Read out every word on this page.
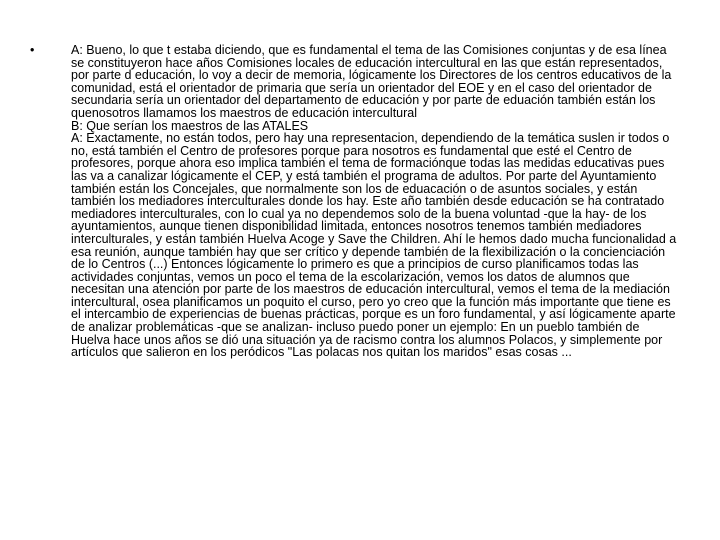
•	A: Bueno, lo que t estaba diciendo, que es fundamental el tema de las Comisiones conjuntas y de esa línea se constituyeron hace años Comisiones locales de educación intercultural en las que están representados, por parte d educación, lo voy a decir de memoria, lógicamente los Directores de los centros educativos de la comunidad, está el orientador de primaria que sería un orientador del EOE y en el caso del orientador de secundaria sería un orientador del departamento de educación y por parte de eduación también están los quenosotros llamamos los maestros de educación intercultural

B: Que serían los maestros de las ATALES

A: Exactamente, no están todos, pero hay una representacion, dependiendo de la temática suslen ir todos o no, está también el Centro de profesores porque para nosotros es fundamental que esté el Centro de profesores, porque ahora eso implica también el tema de formaciónque todas las medidas educativas pues las va a canalizar lógicamente el CEP, y está también el programa de adultos. Por parte del Ayuntamiento también están los Concejales, que normalmente son los de eduacación o de asuntos sociales, y están también los mediadores interculturales donde los hay. Este año también desde educación se ha contratado mediadores interculturales, con lo cual ya no dependemos solo de la buena voluntad -que la hay- de los ayuntamientos, aunque tienen disponibilidad limitada, entonces nosotros tenemos también mediadores interculturales, y están también Huelva Acoge y Save the Children. Ahí le hemos dado mucha funcionalidad a esa reunión, aunque también hay que ser crítico y depende también de la flexibilización o la concienciación de lo Centros (...) Entonces lógicamente lo primero es que a principios de curso planificamos todas las actividades conjuntas, vemos un poco el tema de la escolarización, vemos los datos de alumnos que necesitan una atención por parte de los maestros de educación intercultural, vemos el tema de la mediación intercultural, osea planificamos un poquito el curso, pero yo creo que la función más importante que tiene es el intercambio de experiencias de buenas prácticas, porque es un foro fundamental, y así lógicamente aparte de analizar problemáticas -que se analizan- incluso puedo poner un ejemplo: En un pueblo también de Huelva hace unos años se dió una situación ya de racismo contra los alumnos Polacos, y simplemente por artículos que salieron en los peródicos "Las polacas nos quitan los maridos" esas cosas ...
